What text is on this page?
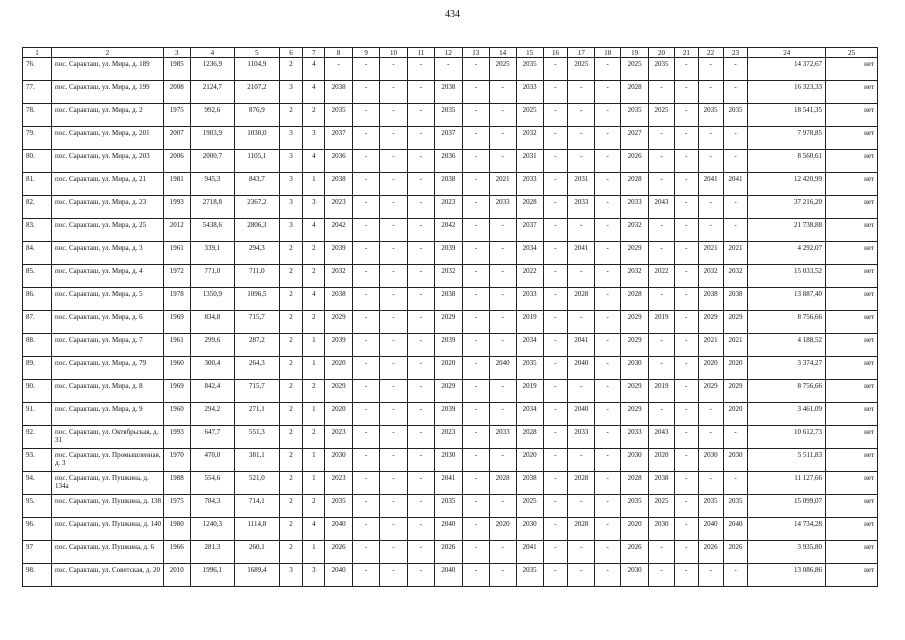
434
1	2	3	4	5	6	7	8	9	10	11	12	13	14	15	16	17	18	19	20	21	22	23	24	25
76.	пос. Саракташ, ул. Мира, д. 189	1985	1236,9	1104,9	2	4	-	-	-	-	-	-	2025	2035	-	2025	-	2025	2035	-	-	-	14 372,67	нет
77.	пос. Саракташ, ул. Мира, д. 199	2008	2124,7	2107,2	3	4	2038	-	-	-	2038	-	-	2033	-	-	-	2028	-	-	-	-	16 323,33	нет
78.	пос. Саракташ, ул. Мира, д. 2	1975	992,6	876,9	2	2	2035	-	-	-	2035	-	-	2025	-	-	-	2035	2025	-	2035	2035	18 541,35	нет
79.	пос. Саракташ, ул. Мира, д. 201	2007	1903,9	1030,0	3	3	2037	-	-	-	2037	-	-	2032	-	-	-	2027	-	-	-	-	7 978,85	нет
80.	пос. Саракташ, ул. Мира, д. 203	2006	2000,7	1105,1	3	4	2036	-	-	-	2036	-	-	2031	-	-	-	2026	-	-	-	-	8 560,61	нет
81.	пос. Саракташ, ул. Мира, д. 21	1981	945,3	843,7	3	1	2038	-	-	-	2038	-	2021	2033	-	2031	-	2028	-	-	2041	2041	12 420,99	нет
82.	пос. Саракташ, ул. Мира, д. 23	1993	2718,8	2367,2	3	3	2023	-	-	-	2023	-	2033	2028	-	2033	-	2033	2043	-	-	-	37 216,20	нет
83.	пос. Саракташ, ул. Мира, д. 25	2012	5438,6	2806,3	3	4	2042	-	-	-	2042	-	-	2037	-	-	-	2032	-	-	-	-	21 738,88	нет
84.	пос. Саракташ, ул. Мира, д. 3	1961	339,1	294,3	2	2	2039	-	-	-	2039	-	-	2034	-	2041	-	2029	-	-	2021	2021	4 292,07	нет
85.	пос. Саракташ, ул. Мира, д. 4	1972	771,0	711,0	2	2	2032	-	-	-	2032	-	-	2022	-	-	-	2032	2022	-	2032	2032	15 033,52	нет
86.	пос. Саракташ, ул. Мира, д. 5	1978	1350,9	1096,5	2	4	2038	-	-	-	2038	-	-	2033	-	2028	-	2028	-	-	2038	2038	13 887,40	нет
87.	пос. Саракташ, ул. Мира, д. 6	1969	834,8	715,7	2	2	2029	-	-	-	2029	-	-	2019	-	-	-	2029	2019	-	2029	2029	8 756,66	нет
88.	пос. Саракташ, ул. Мира, д. 7	1961	299,6	287,2	2	1	2039	-	-	-	2039	-	-	2034	-	2041	-	2029	-	-	2021	2021	4 188,52	нет
89.	пос. Саракташ, ул. Мира, д. 79	1960	300,4	264,3	2	1	2020	-	-	-	2020	-	2040	2035	-	2040	-	2030	-	-	2020	2020	3 374,27	нет
90.	пос. Саракташ, ул. Мира, д. 8	1969	842,4	715,7	2	2	2029	-	-	-	2029	-	-	2019	-	-	-	2029	2019	-	2029	2029	8 756,66	нет
91.	пос. Саракташ, ул. Мира, д. 9	1960	294,2	271,1	2	1	2020	-	-	-	2039	-	-	2034	-	2040	-	2029	-	-	-	2020	3 461,09	нет
92.	пос. Саракташ, ул. Октябрьская, д. 31	1993	647,7	551,3	2	2	2023	-	-	-	2023	-	2033	2028	-	2033	-	2033	2043	-	-	-	10 612,73	нет
93.	пос. Саракташ, ул. Промышленная, д. 3	1970	470,0	381,1	2	1	2030	-	-	-	2030	-	-	2020	-	-	-	2030	2020	-	2030	2030	5 511,83	нет
94.	пос. Саракташ, ул. Пушкина, д. 134а	1988	554,6	521,0	2	1	2023	-	-	-	2041	-	2028	2038	-	2028	-	2028	2038	-	-	-	11 127,66	нет
95.	пос. Саракташ, ул. Пушкина, д. 138	1975	784,3	714,1	2	2	2035	-	-	-	2035	-	-	2025	-	-	-	2035	2025	-	2035	2035	15 099,07	нет
96.	пос. Саракташ, ул. Пушкина, д. 140	1980	1240,3	1114,8	2	4	2040	-	-	-	2040	-	2020	2030	-	2028	-	2020	2030	-	2040	2040	14 734,28	нет
97	пос. Саракташ, ул. Пушкина, д. 6	1966	281,3	260,1	2	1	2026	-	-	-	2026	-	-	2041	-	-	-	2026	-	-	2026	2026	3 935,80	нет
98.	пос. Саракташ, ул. Советская, д. 20	2010	1996,1	1689,4	3	3	2040	-	-	-	2040	-	-	2035	-	-	-	2030	-	-	-	-	13 086,86	нет
